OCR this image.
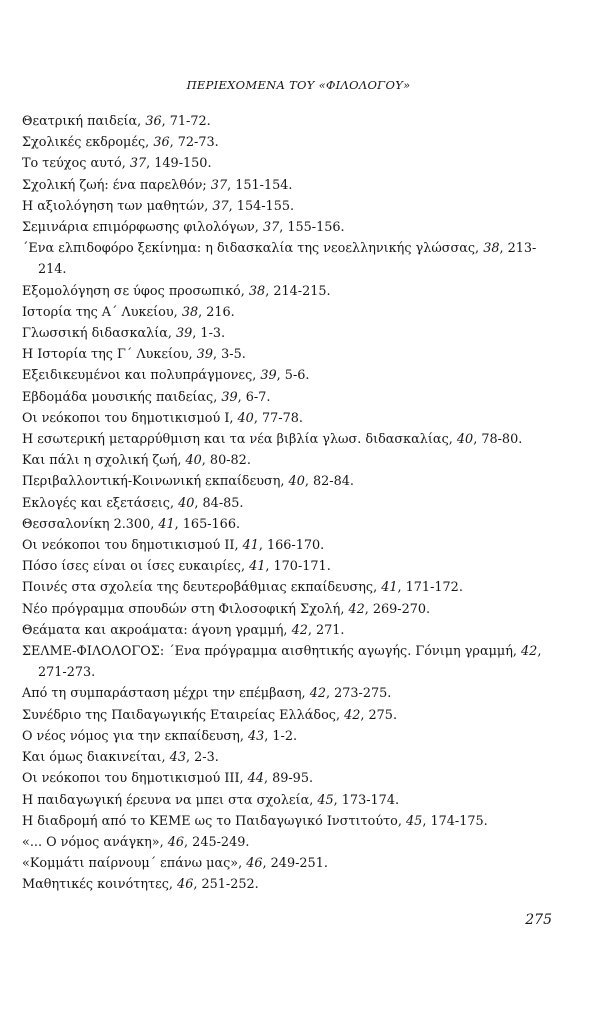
ΠΕΡΙΕΧΟΜΕΝΑ ΤΟΥ «ΦΙΛΟΛΟΓΟΥ»
Θεατρική παιδεία, 36, 71-72.
Σχολικές εκδρομές, 36, 72-73.
Το τεύχος αυτό, 37, 149-150.
Σχολική ζωή: ένα παρελθόν; 37, 151-154.
Η αξιολόγηση των μαθητών, 37, 154-155.
Σεμινάρια επιμόρφωσης φιλολόγων, 37, 155-156.
΄Ενα ελπιδοφόρο ξεκίνημα: η διδασκαλία της νεοελληνικής γλώσσας, 38, 213-214.
Εξομολόγηση σε ύφος προσωπικό, 38, 214-215.
Ιστορία της Α΄ Λυκείου, 38, 216.
Γλωσσική διδασκαλία, 39, 1-3.
Η Ιστορία της Γ΄ Λυκείου, 39, 3-5.
Εξειδικευμένοι και πολυπράγμονες, 39, 5-6.
Εβδομάδα μουσικής παιδείας, 39, 6-7.
Οι νεόκοποι του δημοτικισμού Ι, 40, 77-78.
Η εσωτερική μεταρρύθμιση και τα νέα βιβλία γλωσ. διδασκαλίας, 40, 78-80.
Και πάλι η σχολική ζωή, 40, 80-82.
Περιβαλλοντική-Κοινωνική εκπαίδευση, 40, 82-84.
Εκλογές και εξετάσεις, 40, 84-85.
Θεσσαλονίκη 2.300, 41, 165-166.
Οι νεόκοποι του δημοτικισμού ΙΙ, 41, 166-170.
Πόσο ίσες είναι οι ίσες ευκαιρίες, 41, 170-171.
Ποινές στα σχολεία της δευτεροβάθμιας εκπαίδευσης, 41, 171-172.
Νέο πρόγραμμα σπουδών στη Φιλοσοφική Σχολή, 42, 269-270.
Θεάματα και ακροάματα: άγονη γραμμή, 42, 271.
ΣΕΛΜΕ-ΦΙΛΟΛΟΓΟΣ: ΄Ενα πρόγραμμα αισθητικής αγωγής. Γόνιμη γραμμή, 42, 271-273.
Από τη συμπαράσταση μέχρι την επέμβαση, 42, 273-275.
Συνέδριο της Παιδαγωγικής Εταιρείας Ελλάδος, 42, 275.
Ο νέος νόμος για την εκπαίδευση, 43, 1-2.
Και όμως διακινείται, 43, 2-3.
Οι νεόκοποι του δημοτικισμού ΙΙΙ, 44, 89-95.
Η παιδαγωγική έρευνα να μπει στα σχολεία, 45, 173-174.
Η διαδρομή από το ΚΕΜΕ ως το Παιδαγωγικό Ινστιτούτο, 45, 174-175.
«... Ο νόμος ανάγκη», 46, 245-249.
«Κομμάτι παίρνουμ΄ επάνω μας», 46, 249-251.
Μαθητικές κοινότητες, 46, 251-252.
275
